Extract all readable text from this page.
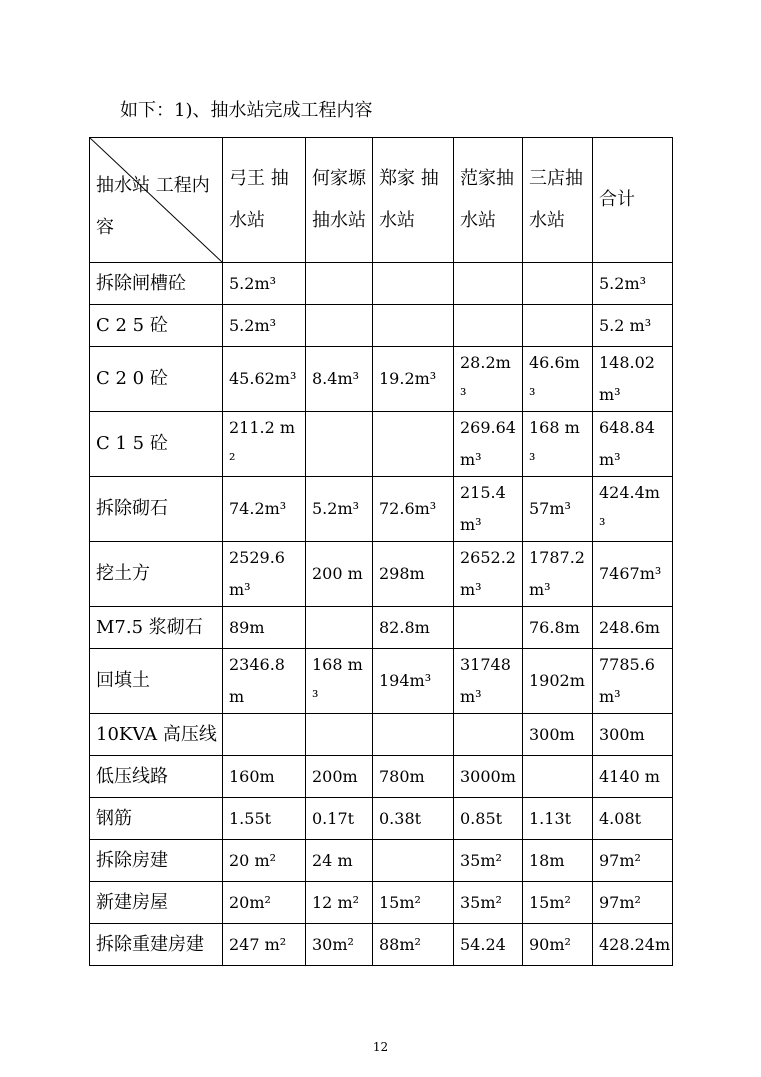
如下：1)、抽水站完成工程内容
抽水站 工程内容	弓王 抽水站	何家塬 抽水站	郑家 抽水站	范家抽水站	三店抽水站	合计
拆除闸槽砼	5.2m³					5.2m³
C 2 5 砼	5.2m³					5.2 m³
C 2 0 砼	45.62m³	8.4m³	19.2m³	28.2m³	46.6m³	148.02 m³
C 1 5 砼	211.2 m²			269.64 m³	168 m³	648.84 m³
拆除砌石	74.2m³	5.2m³	72.6m³	215.4 m³	57m³	424.4m³
挖土方	2529.6m³	200 m	298m	2652.2 m³	1787.2 m³	7467m³
M7.5 浆砌石	89m		82.8m		76.8m	248.6m
回填土	2346.8m	168 m³	194m³	31748 m³	1902m	7785.6m³
10KVA 高压线					300m	300m
低压线路	160m	200m	780m	3000m		4140 m
钢筋	1.55t	0.17t	0.38t	0.85t	1.13t	4.08t
拆除房建	20 m²	24 m		35m²	18m	97m²
新建房屋	20m²	12 m²	15m²	35m²	15m²	97m²
拆除重建房建	247 m²	30m²	88m²	54.24	90m²	428.24m
12
